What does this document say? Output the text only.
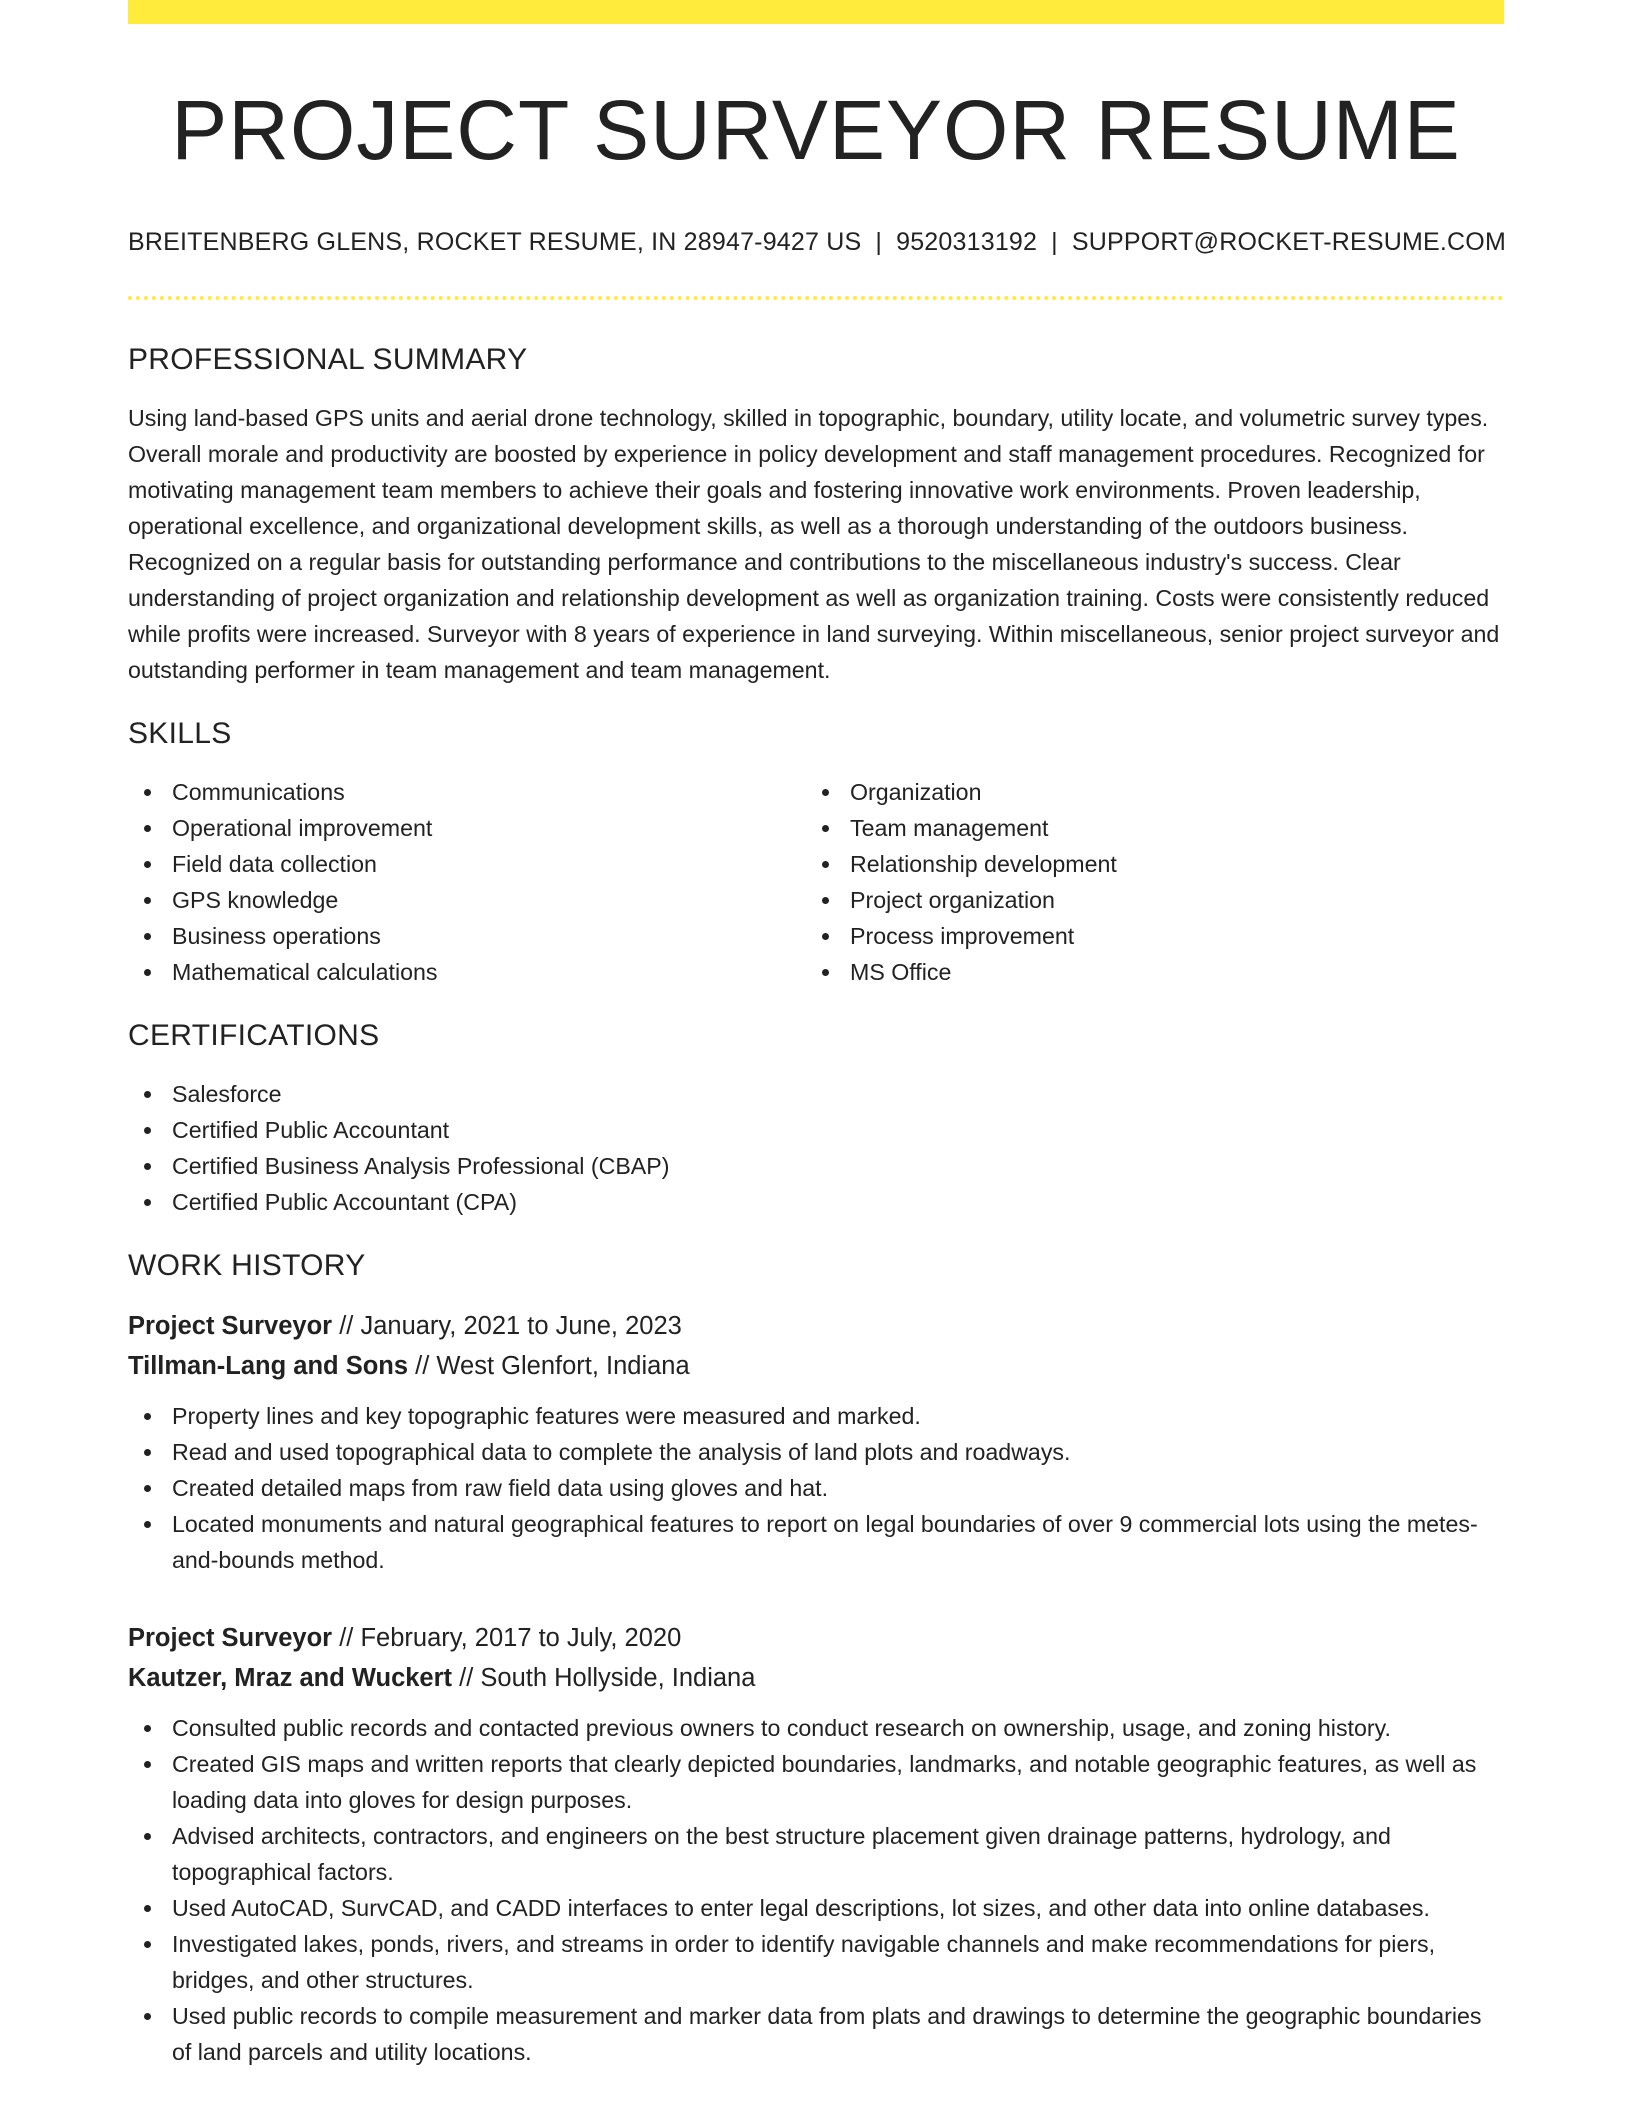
PROJECT SURVEYOR RESUME
BREITENBERG GLENS, ROCKET RESUME, IN 28947-9427 US | 9520313192 | SUPPORT@ROCKET-RESUME.COM
PROFESSIONAL SUMMARY

Using land-based GPS units and aerial drone technology, skilled in topographic, boundary, utility locate, and volumetric survey types. Overall morale and productivity are boosted by experience in policy development and staff management procedures. Recognized for motivating management team members to achieve their goals and fostering innovative work environments. Proven leadership, operational excellence, and organizational development skills, as well as a thorough understanding of the outdoors business. Recognized on a regular basis for outstanding performance and contributions to the miscellaneous industry's success. Clear understanding of project organization and relationship development as well as organization training. Costs were consistently reduced while profits were increased. Surveyor with 8 years of experience in land surveying. Within miscellaneous, senior project surveyor and outstanding performer in team management and team management.

SKILLS
Communications
Operational improvement
Field data collection
GPS knowledge
Business operations
Mathematical calculations
Organization
Team management
Relationship development
Project organization
Process improvement
MS Office
CERTIFICATIONS
Salesforce
Certified Public Accountant
Certified Business Analysis Professional (CBAP)
Certified Public Accountant (CPA)
WORK HISTORY
Project Surveyor // January, 2021 to June, 2023
Tillman-Lang and Sons // West Glenfort, Indiana
Property lines and key topographic features were measured and marked.
Read and used topographical data to complete the analysis of land plots and roadways.
Created detailed maps from raw field data using gloves and hat.
Located monuments and natural geographical features to report on legal boundaries of over 9 commercial lots using the metes-and-bounds method.
Project Surveyor // February, 2017 to July, 2020
Kautzer, Mraz and Wuckert // South Hollyside, Indiana
Consulted public records and contacted previous owners to conduct research on ownership, usage, and zoning history.
Created GIS maps and written reports that clearly depicted boundaries, landmarks, and notable geographic features, as well as loading data into gloves for design purposes.
Advised architects, contractors, and engineers on the best structure placement given drainage patterns, hydrology, and topographical factors.
Used AutoCAD, SurvCAD, and CADD interfaces to enter legal descriptions, lot sizes, and other data into online databases.
Investigated lakes, ponds, rivers, and streams in order to identify navigable channels and make recommendations for piers, bridges, and other structures.
Used public records to compile measurement and marker data from plats and drawings to determine the geographic boundaries of land parcels and utility locations.
